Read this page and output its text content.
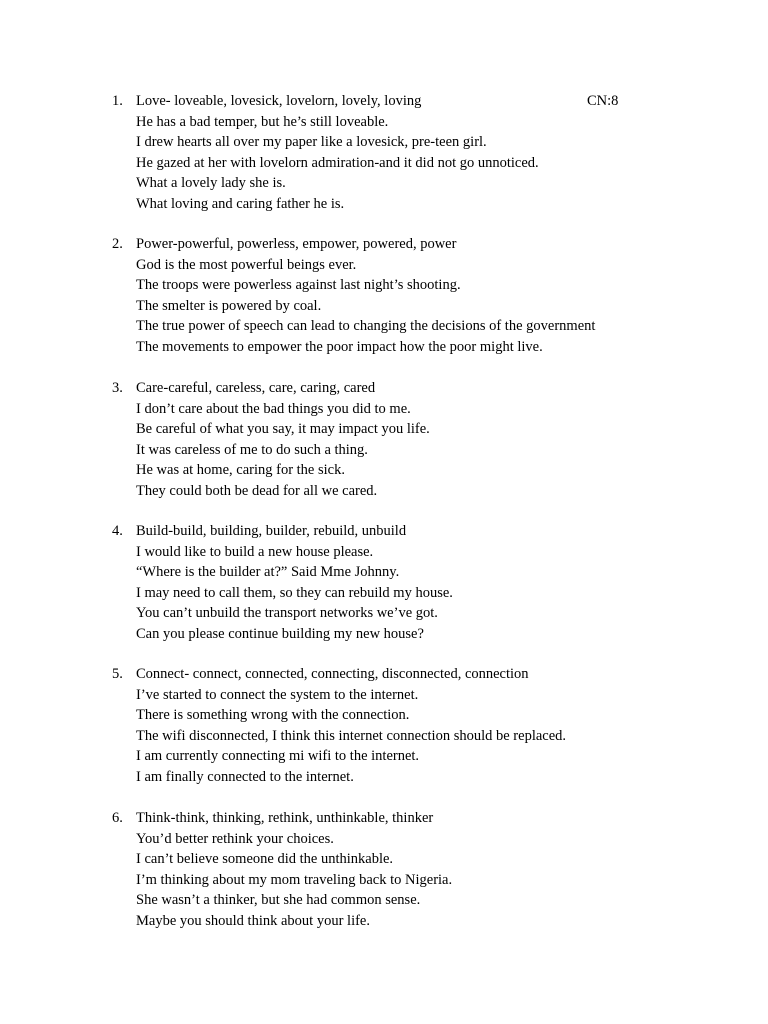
CN:8
1. Love- loveable, lovesick, lovelorn, lovely, loving
He has a bad temper, but he’s still loveable.
I drew hearts all over my paper like a lovesick, pre-teen girl.
He gazed at her with lovelorn admiration-and it did not go unnoticed.
What a lovely lady she is.
What loving and caring father he is.
2. Power-powerful, powerless, empower, powered, power
God is the most powerful beings ever.
The troops were powerless against last night’s shooting.
The smelter is powered by coal.
The true power of speech can lead to changing the decisions of the government
The movements to empower the poor impact how the poor might live.
3. Care-careful, careless, care, caring, cared
I don’t care about the bad things you did to me.
Be careful of what you say, it may impact you life.
It was careless of me to do such a thing.
He was at home, caring for the sick.
They could both be dead for all we cared.
4. Build-build, building, builder, rebuild, unbuild
I would like to build a new house please.
“Where is the builder at?” Said Mme Johnny.
I may need to call them, so they can rebuild my house.
You can’t unbuild the transport networks we’ve got.
Can you please continue building my new house?
5. Connect- connect, connected, connecting, disconnected, connection
I’ve started to connect the system to the internet.
There is something wrong with the connection.
The wifi disconnected, I think this internet connection should be replaced.
I am currently connecting mi wifi to the internet.
I am finally connected to the internet.
6. Think-think, thinking, rethink, unthinkable, thinker
You’d better rethink your choices.
I can’t believe someone did the unthinkable.
I’m thinking about my mom traveling back to Nigeria.
She wasn’t a thinker, but she had common sense.
Maybe you should think about your life.
